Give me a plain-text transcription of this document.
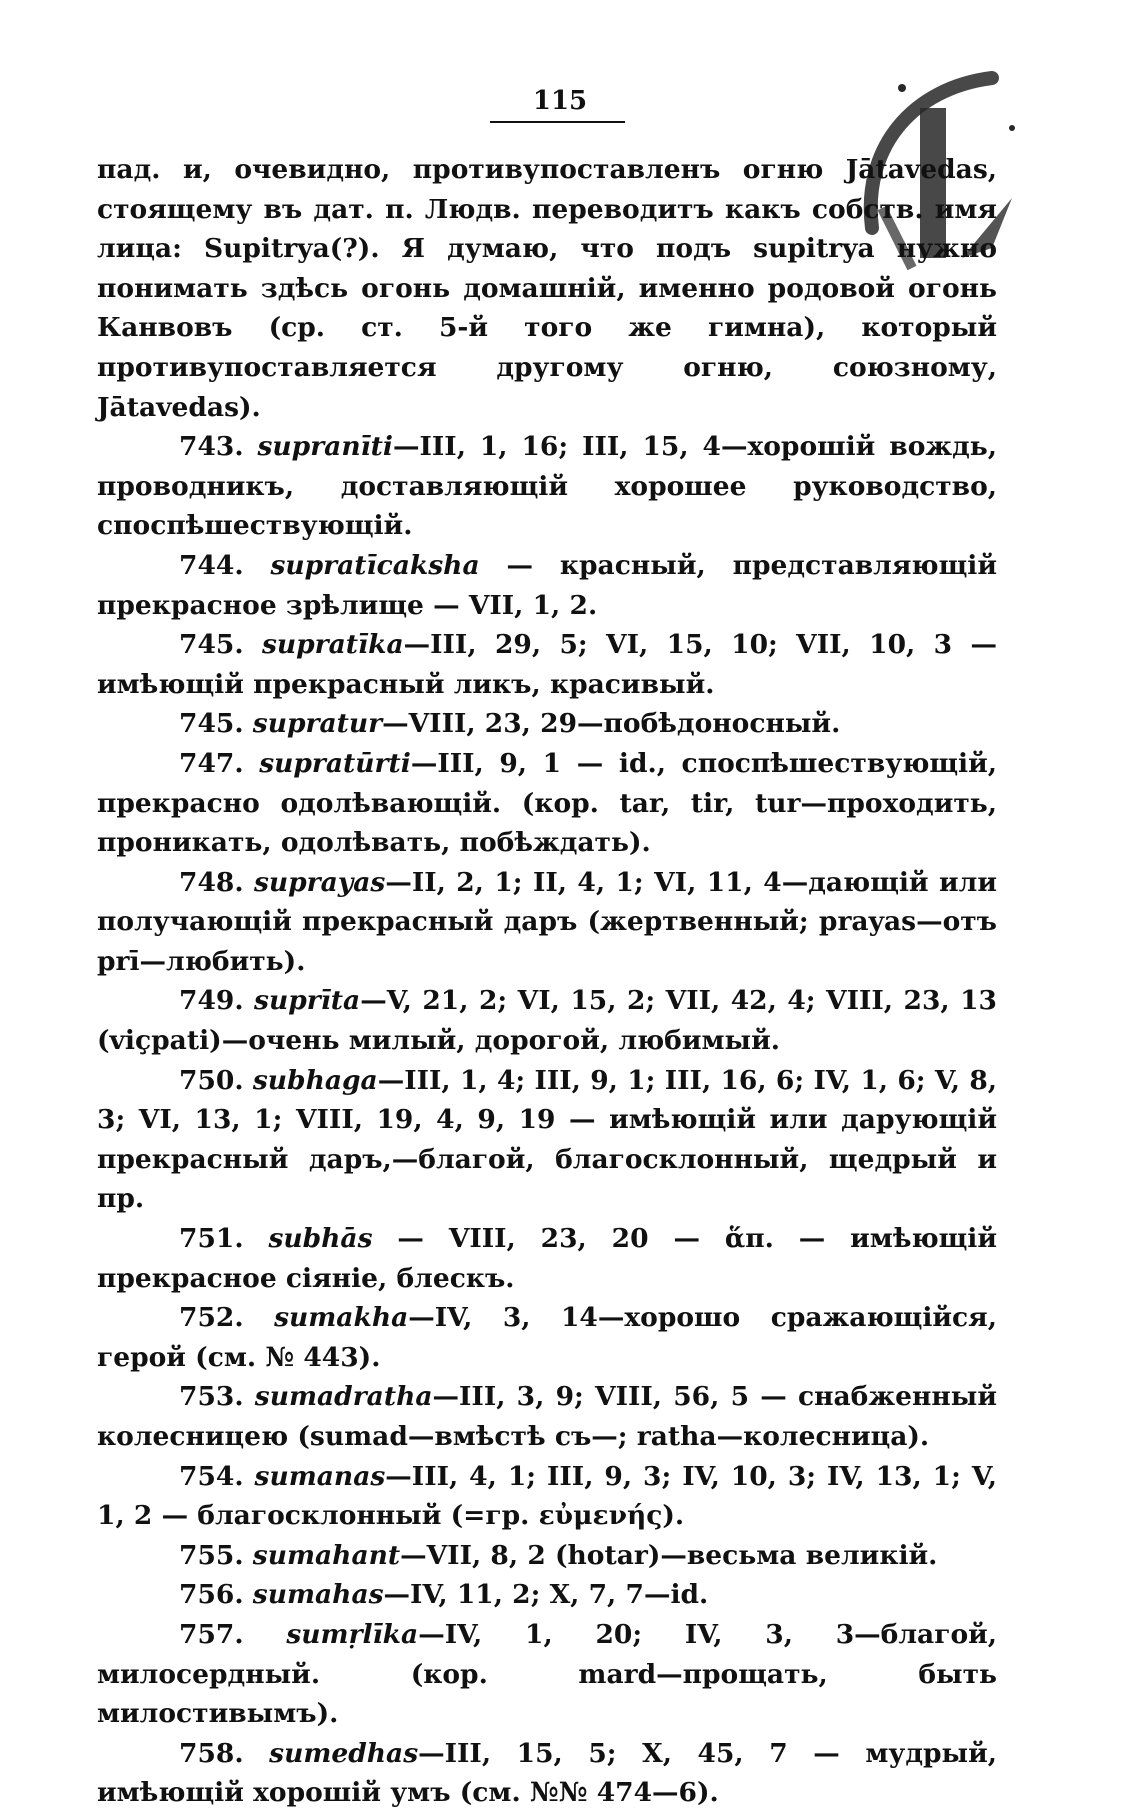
115

пад. и, очевидно, противупоставленъ огню Jātavedas, стоящему въ дат. п. Людв. переводитъ какъ собств. имя лица: Supitrya(?). Я думаю, что подъ supitrya нужно понимать здѣсь огонь домашній, именно родовой огонь Канвовъ (ср. ст. 5-й того же гимна), который противупоставляется другому огню, союзному, Jātavedas).

743. supranīti—III, 1, 16; III, 15, 4—хорошій вождь, проводникъ, доставляющій хорошее руководство, споспѣшествующій.

744. supratīcaksha — красный, представляющій прекрасное зрѣлище — VII, 1, 2.

745. supratīka—III, 29, 5; VI, 15, 10; VII, 10, 3 — имѣющій прекрасный ликъ, красивый.

745. supratur—VIII, 23, 29—побѣдоносный.

747. supratūrti—III, 9, 1 — id., споспѣшествующій, прекрасно одолѣвающій. (кор. tar, tir, tur—проходить, проникать, одолѣвать, побѣждать).

748. suprayas—II, 2, 1; II, 4, 1; VI, 11, 4—дающій или получающій прекрасный даръ (жертвенный; prayas—отъ prī—любить).

749. suprīta—V, 21, 2; VI, 15, 2; VII, 42, 4; VIII, 23, 13 (viçpati)—очень милый, дорогой, любимый.

750. subhaga—III, 1, 4; III, 9, 1; III, 16, 6; IV, 1, 6; V, 8, 3; VI, 13, 1; VIII, 19, 4, 9, 19 — имѣющій или дарующій прекрасный даръ,—благой, благосклонный, щедрый и пр.

751. subhās — VIII, 23, 20 — ἅπ. — имѣющій прекрасное сіяніе, блескъ.

752. sumakha—IV, 3, 14—хорошо сражающійся, герой (см. № 443).

753. sumadratha—III, 3, 9; VIII, 56, 5 — снабженный колесницею (sumad—вмѣстѣ съ—; ratha—колесница).

754. sumanas—III, 4, 1; III, 9, 3; IV, 10, 3; IV, 13, 1; V, 1, 2 — благосклонный (=гр. εὐμενής).

755. sumahant—VII, 8, 2 (hotar)—весьма великій.

756. sumahas—IV, 11, 2; X, 7, 7—id.

757. sumṛlīka—IV, 1, 20; IV, 3, 3—благой, милосердный. (кор. mard—прощать, быть милостивымъ).

758. sumedhas—III, 15, 5; X, 45, 7 — мудрый, имѣющій хорошій умъ (см. №№ 474—6).
